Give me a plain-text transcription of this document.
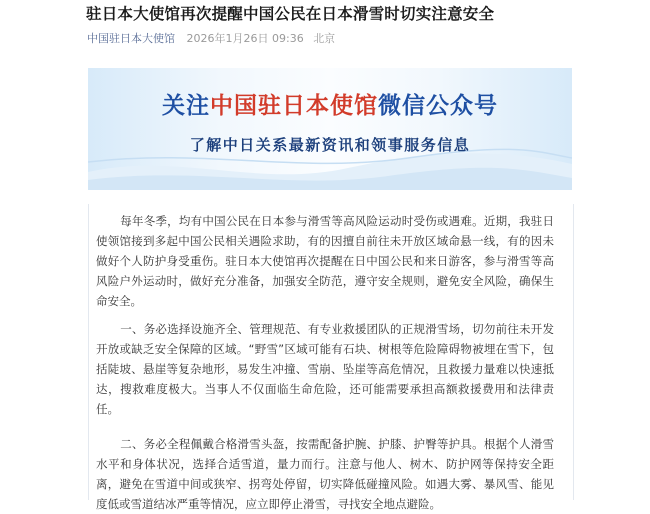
驻日本大使馆再次提醒中国公民在日本滑雪时切实注意安全
中国驻日本大使馆 2026年1月26日 09:36 北京
关注中国驻日本使馆微信公众号
了解中日关系最新资讯和领事服务信息

每年冬季，均有中国公民在日本参与滑雪等高风险运动时受伤或遇难。近期，我驻日使领馆接到多起中国公民相关遇险求助，有的因擅自前往未开放区域命悬一线，有的因未做好个人防护身受重伤。驻日本大使馆再次提醒在日中国公民和来日游客，参与滑雪等高风险户外运动时，做好充分准备，加强安全防范，遵守安全规则，避免安全风险，确保生命安全。

一、务必选择设施齐全、管理规范、有专业救援团队的正规滑雪场，切勿前往未开发开放或缺乏安全保障的区域。“野雪”区域可能有石块、树根等危险障碍物被埋在雪下，包括陡坡、悬崖等复杂地形，易发生冲撞、雪崩、坠崖等高危情况，且救援力量难以快速抵达，搜救难度极大。当事人不仅面临生命危险，还可能需要承担高额救援费用和法律责任。

二、务必全程佩戴合格滑雪头盔，按需配备护腕、护膝、护臀等护具。根据个人滑雪水平和身体状况，选择合适雪道，量力而行。注意与他人、树木、防护网等保持安全距离，避免在雪道中间或狭窄、拐弯处停留，切实降低碰撞风险。如遇大雾、暴风雪、能见度低或雪道结冰严重等情况，应立即停止滑雪，寻找安全地点避险。
